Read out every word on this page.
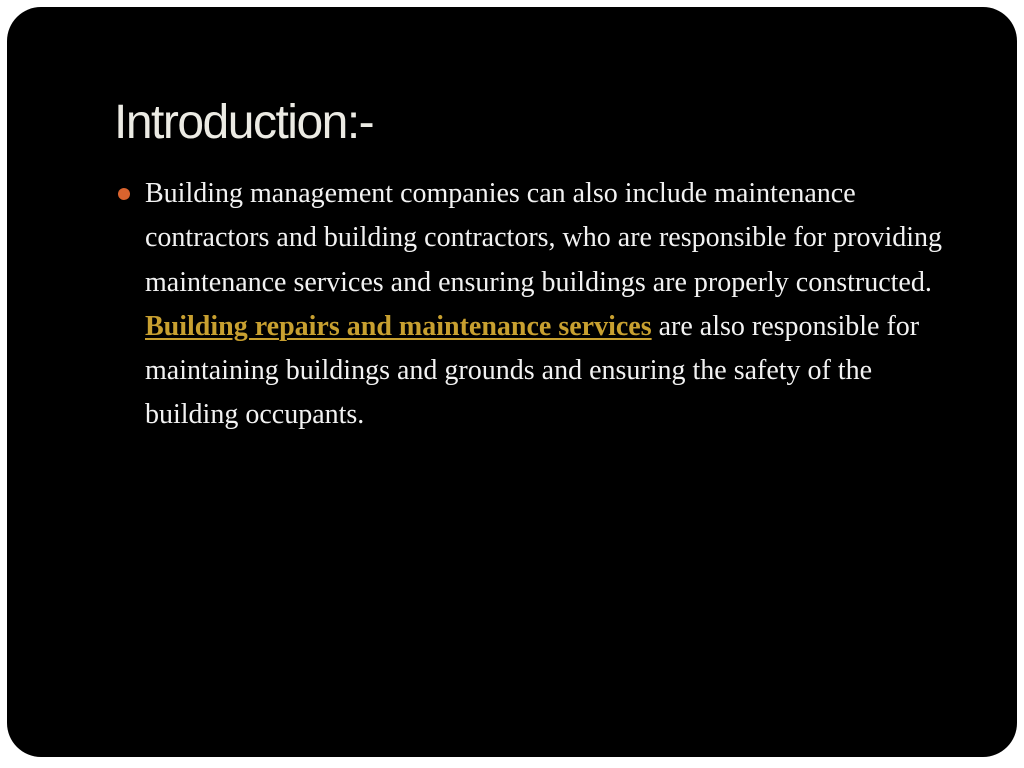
Introduction:-
Building management companies can also include maintenance contractors and building contractors, who are responsible for providing maintenance services and ensuring buildings are properly constructed. Building repairs and maintenance services are also responsible for maintaining buildings and grounds and ensuring the safety of the building occupants.
